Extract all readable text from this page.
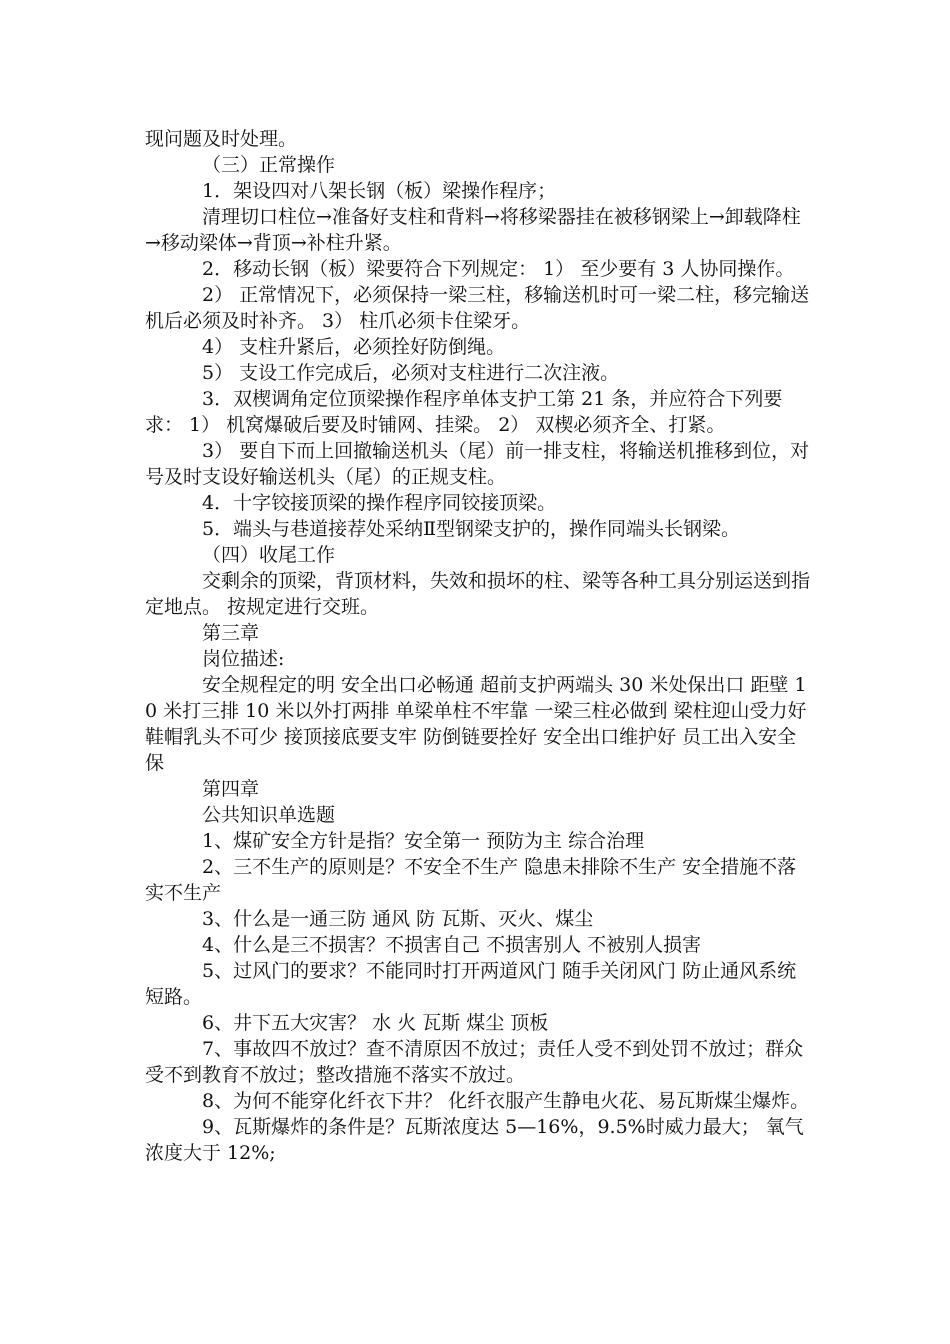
现问题及时处理。

（三）正常操作

1．架设四对八架长钢（板）梁操作程序；

清理切口柱位→准备好支柱和背料→将移梁器挂在被移钢梁上→卸载降柱→移动梁体→背顶→补柱升紧。

2．移动长钢（板）梁要符合下列规定： 1） 至少要有 3 人协同操作。

2） 正常情况下，必须保持一梁三柱，移输送机时可一梁二柱，移完输送机后必须及时补齐。 3） 柱爪必须卡住梁牙。

4） 支柱升紧后，必须拴好防倒绳。

5） 支设工作完成后，必须对支柱进行二次注液。

3．双楔调角定位顶梁操作程序单体支护工第 21 条，并应符合下列要求： 1） 机窝爆破后要及时铺网、挂梁。 2） 双楔必须齐全、打紧。

3） 要自下而上回撤输送机头（尾）前一排支柱，将输送机推移到位，对号及时支设好输送机头（尾）的正规支柱。

4．十字铰接顶梁的操作程序同铰接顶梁。

5．端头与巷道接荐处采纳Ⅱ型钢梁支护的，操作同端头长钢梁。

（四）收尾工作

交剩余的顶梁，背顶材料，失效和损坏的柱、梁等各种工具分别运送到指定地点。 按规定进行交班。

第三章

岗位描述:

安全规程定的明 安全出口必畅通 超前支护两端头 30 米处保出口 距壁 10 米打三排 10 米以外打两排 单梁单柱不牢靠 一梁三柱必做到 梁柱迎山受力好 鞋帽乳头不可少 接顶接底要支牢 防倒链要拴好 安全出口维护好 员工出入安全保

第四章

公共知识单选题

1、煤矿安全方针是指？安全第一 预防为主 综合治理

2、三不生产的原则是？不安全不生产 隐患未排除不生产 安全措施不落实不生产

3、什么是一通三防 通风 防 瓦斯、灭火、煤尘

4、什么是三不损害？不损害自己 不损害别人 不被别人损害

5、过风门的要求？不能同时打开两道风门 随手关闭风门 防止通风系统短路。

6、井下五大灾害？ 水 火 瓦斯 煤尘 顶板

7、事故四不放过？查不清原因不放过；责任人受不到处罚不放过；群众受不到教育不放过；整改措施不落实不放过。

8、为何不能穿化纤衣下井？ 化纤衣服产生静电火花、易瓦斯煤尘爆炸。

9、瓦斯爆炸的条件是？瓦斯浓度达 5—16%，9.5%时威力最大； 氧气浓度大于 12%;
